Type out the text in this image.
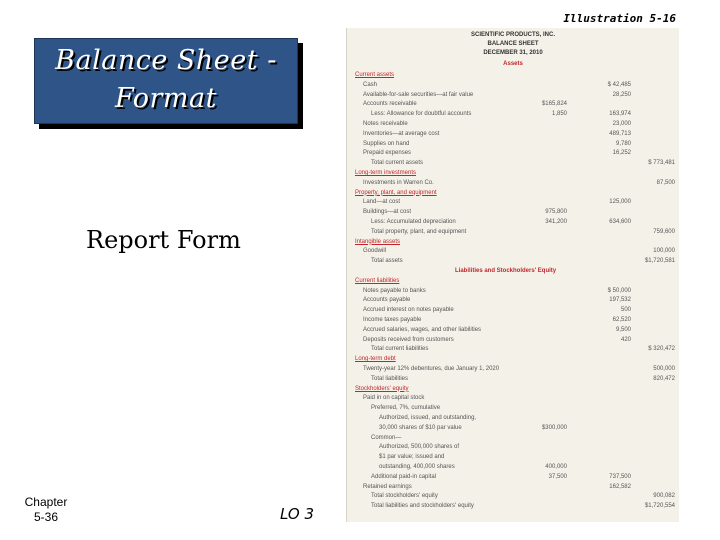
Illustration 5-16
Balance Sheet -
Format
Report Form
Chapter
5-36	LO 3
SCIENTIFIC PRODUCTS, INC.
BALANCE SHEET
DECEMBER 31, 2010
Assets
Current assets
Cash	$ 42,485
Available-for-sale securities—at fair value	28,250
Accounts receivable	$165,824
Less: Allowance for doubtful accounts	1,850	163,974
Notes receivable	23,000
Inventories—at average cost	489,713
Supplies on hand	9,780
Prepaid expenses	16,252
Total current assets	$ 773,481
Long-term investments
Investments in Warren Co.	87,500
Property, plant, and equipment
Land—at cost	125,000
Buildings—at cost	975,800
Less: Accumulated depreciation	341,200	634,600
Total property, plant, and equipment	759,600
Intangible assets
Goodwill	100,000
Total assets	$1,720,581
Liabilities and Stockholders' Equity
Current liabilities
Notes payable to banks	$ 50,000
Accounts payable	197,532
Accrued interest on notes payable	500
Income taxes payable	62,520
Accrued salaries, wages, and other liabilities	9,500
Deposits received from customers	420
Total current liabilities	$ 320,472
Long-term debt
Twenty-year 12% debentures, due January 1, 2020	500,000
Total liabilities	820,472
Stockholders' equity
Paid in on capital stock
Preferred, 7%, cumulative
Authorized, issued, and outstanding,
30,000 shares of $10 par value	$300,000
Common—
Authorized, 500,000 shares of
$1 par value; issued and
outstanding, 400,000 shares	400,000
Additional paid-in capital	37,500	737,500
Retained earnings	162,582
Total stockholders' equity	900,082
Total liabilities and stockholders' equity	$1,720,554
